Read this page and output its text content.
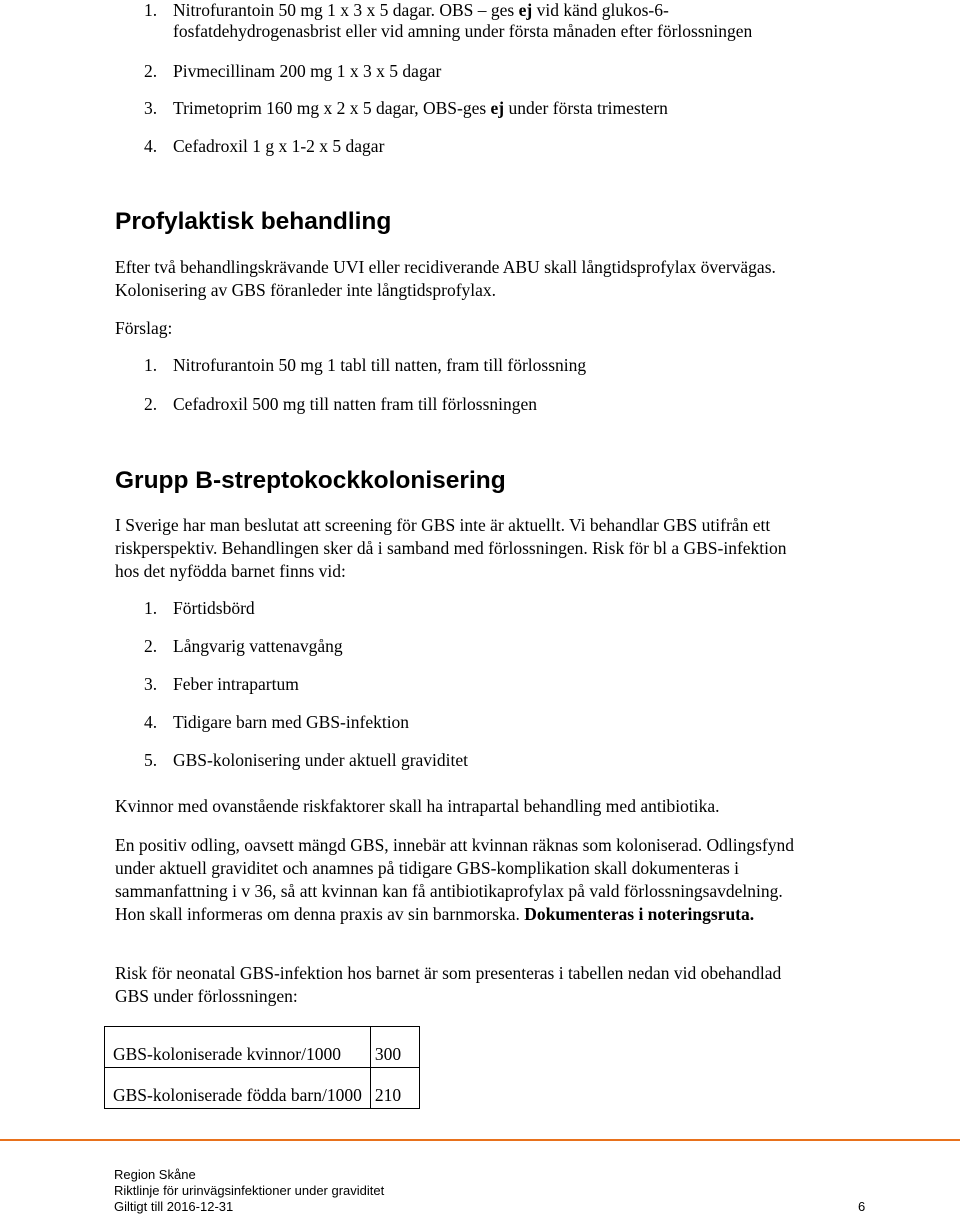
1. Nitrofurantoin 50 mg 1 x 3 x 5 dagar. OBS – ges ej vid känd glukos-6-
fosfatdehydrogenasbrist eller vid amning under första månaden efter förlossningen
2. Pivmecillinam 200 mg 1 x 3 x 5 dagar
3. Trimetoprim 160 mg x 2 x 5 dagar, OBS-ges ej under första trimestern
4. Cefadroxil 1 g x 1-2 x 5 dagar
Profylaktisk behandling
Efter två behandlingskrävande UVI eller recidiverande ABU skall långtidsprofylax övervägas.
Kolonisering av GBS föranleder inte långtidsprofylax.
Förslag:
1. Nitrofurantoin 50 mg 1 tabl till natten, fram till förlossning
2. Cefadroxil 500 mg till natten fram till förlossningen
Grupp B-streptokockkolonisering
I Sverige har man beslutat att screening för GBS inte är aktuellt. Vi behandlar GBS utifrån ett
riskperspektiv. Behandlingen sker då i samband med förlossningen. Risk för bl a GBS-infektion
hos det nyfödda barnet finns vid:
1. Förtidsbörd
2. Långvarig vattenavgång
3. Feber intrapartum
4. Tidigare barn med GBS-infektion
5. GBS-kolonisering under aktuell graviditet
Kvinnor med ovanstående riskfaktorer skall ha intrapartal behandling med antibiotika.
En positiv odling, oavsett mängd GBS, innebär att kvinnan räknas som koloniserad. Odlingsfynd
under aktuell graviditet och anamnes på tidigare GBS-komplikation skall dokumenteras i
sammanfattning i v 36, så att kvinnan kan få antibiotikaprofylax på vald förlossningsavdelning.
Hon skall informeras om denna praxis av sin barnmorska. Dokumenteras i noteringsruta.
Risk för neonatal GBS-infektion hos barnet är som presenteras i tabellen nedan vid obehandlad
GBS under förlossningen:
GBS-koloniserade kvinnor/1000	300
GBS-koloniserade födda barn/1000	210
Region Skåne
Riktlinje för urinvägsinfektioner under graviditet
Giltigt till 2016-12-31	6
